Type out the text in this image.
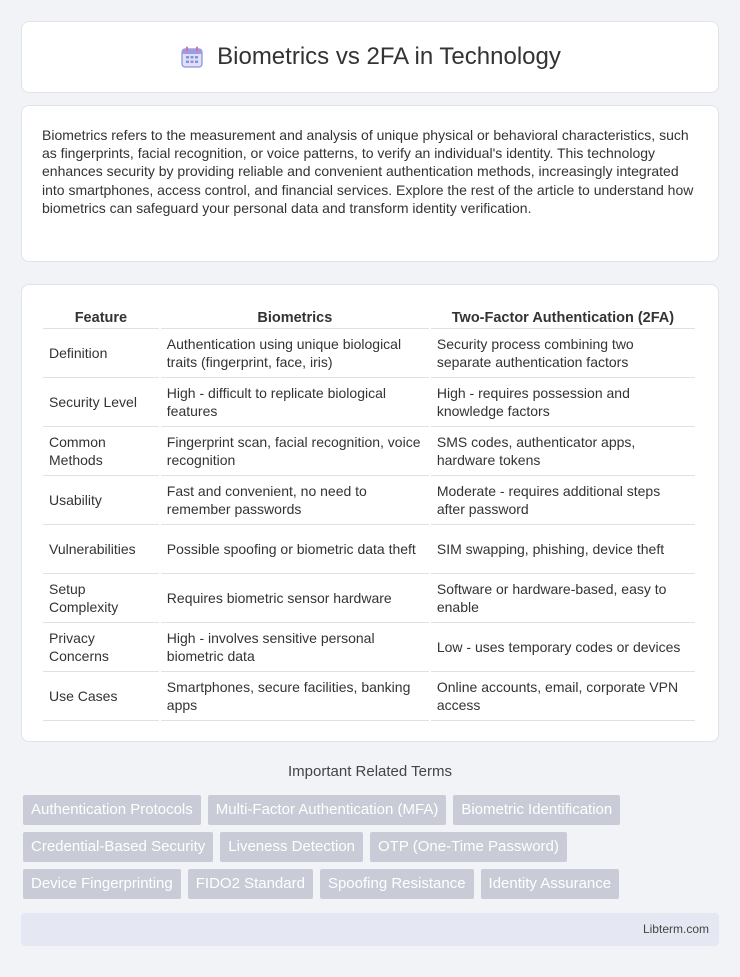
Biometrics vs 2FA in Technology

Biometrics refers to the measurement and analysis of unique physical or behavioral characteristics, such as fingerprints, facial recognition, or voice patterns, to verify an individual's identity. This technology enhances security by providing reliable and convenient authentication methods, increasingly integrated into smartphones, access control, and financial services. Explore the rest of the article to understand how biometrics can safeguard your personal data and transform identity verification.

Feature	Biometrics	Two-Factor Authentication (2FA)
Definition	Authentication using unique biological traits (fingerprint, face, iris)	Security process combining two separate authentication factors
Security Level	High - difficult to replicate biological features	High - requires possession and knowledge factors
Common Methods	Fingerprint scan, facial recognition, voice recognition	SMS codes, authenticator apps, hardware tokens
Usability	Fast and convenient, no need to remember passwords	Moderate - requires additional steps after password
Vulnerabilities	Possible spoofing or biometric data theft	SIM swapping, phishing, device theft
Setup Complexity	Requires biometric sensor hardware	Software or hardware-based, easy to enable
Privacy Concerns	High - involves sensitive personal biometric data	Low - uses temporary codes or devices
Use Cases	Smartphones, secure facilities, banking apps	Online accounts, email, corporate VPN access
Important Related Terms
Authentication Protocols	Multi-Factor Authentication (MFA)	Biometric Identification
Credential-Based Security	Liveness Detection	OTP (One-Time Password)
Device Fingerprinting	FIDO2 Standard	Spoofing Resistance	Identity Assurance
Libterm.com
